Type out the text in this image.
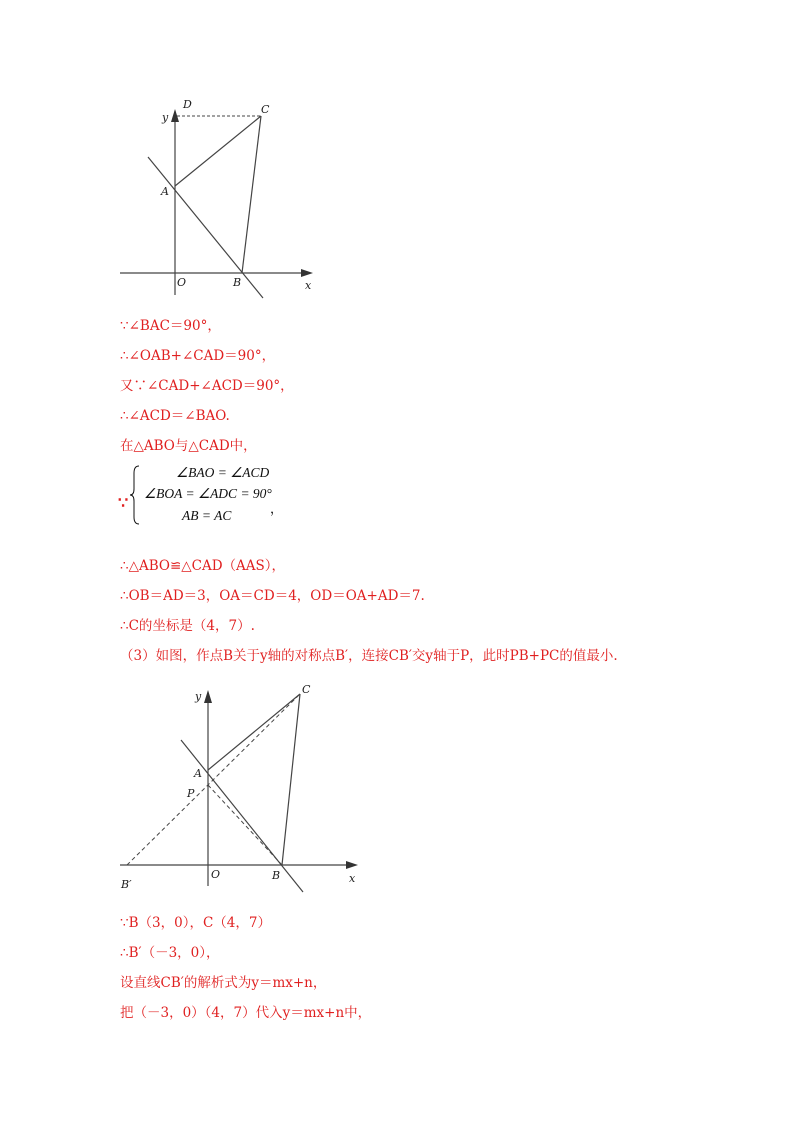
D	C
y
A
O	B	x
∵∠BAC＝90°，
∴∠OAB+∠CAD＝90°，
又∵∠CAD+∠ACD＝90°，
∴∠ACD＝∠BAO.
在△ABO与△CAD中，
∵
∠BAO = ∠ACD
∠BOA = ∠ADC = 90°
AB = AC	，
∴△ABO≌△CAD（AAS），
∴OB＝AD＝3，OA＝CD＝4，OD＝OA+AD＝7.
∴C的坐标是（4，7）.
（3）如图，作点B关于y轴的对称点B′，连接CB′交y轴于P，此时PB+PC的值最小.
y
C
A
P
B′
O	B	x
∵B（3，0），C（4，7）
∴B′（－3，0），
设直线CB′的解析式为y＝mx+n，
把（－3，0）（4，7）代入y＝mx+n中，
